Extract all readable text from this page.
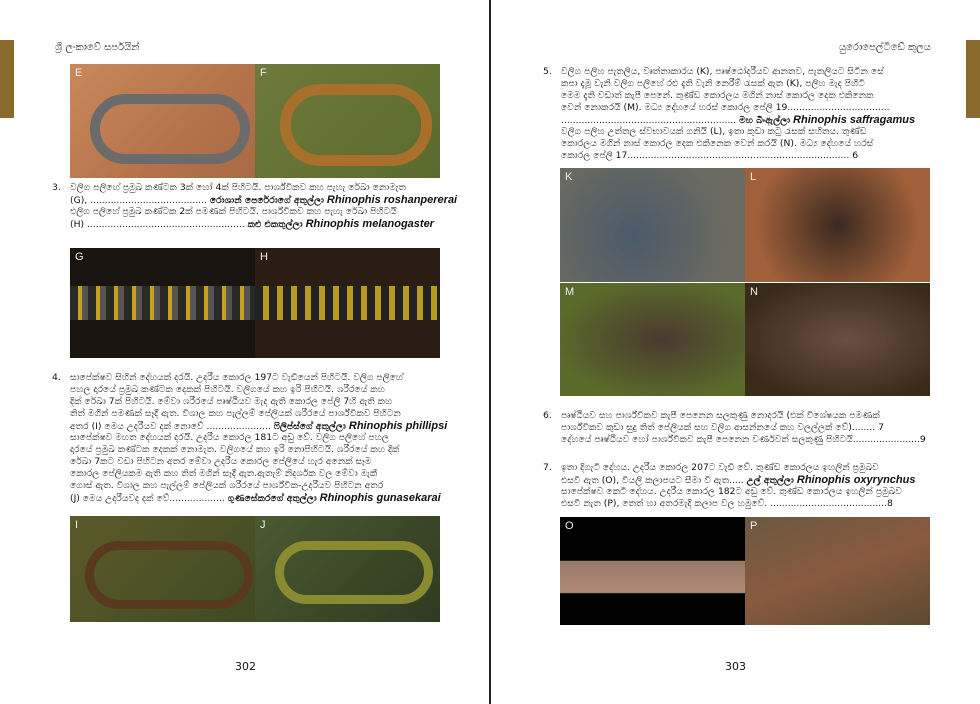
ශ්‍රී ලංකාවේ සර්පයින්
E	F
3. වලිග පලිහේ ප්‍රමුඛ කණ්ටක 3ක් හෝ 4ක් පිහිටයි. පාර්ශ්විකව කහ පැහැ රේඛා නොමැත
(G), ........................................ රොශාන් පෙරේරාගේ අතුල්ලා Rhinophis roshanpererai
එලිග පලිහේ ප්‍රමුඛ කණ්ටක 2ක් පමණක් පිහිටයි. පාර්ශ්විකව කහ පැහැ රේඛා පිහිටයි
(H) ...................................................... කළු එකතුල්ලා Rhinophis melanogaster
G	H
4. සාපේක්ෂව සිහින් දේහයක් දරයි. උදරීය කොරල 197ට වැඩියෙන් පිහිටයි. වලිග පලිහේ
පහල දාරයේ ප්‍රමුඛ කණ්ටක දෙකක් පිහිටයි. වලිගයේ කහ ඉරි පිහිටයි. ශරීරයේ කහ
දික් රේඛා 7ක් පිහිටයි. මේවා ශරීරයේ පෘෂ්ඨීයව මැද ඇති කොරල පේලි 7හි ඇති කහ
තිත් මගින් පමණක් සෑදී ඇත. විශාල කහ පැල්ලම් පේලියක් ශරීරයේ පාර්ශ්විකව පිහිටන
අතර (I) මෙය උදරීයව දක් නොවේ ...................... ෆිලිප්ස්ගේ අතුල්ලා Rhinophis phillipsi
සාපේක්ෂව මහත දේහයක් දරයි. උදරීය කොරල 181ට අඩු වේ. වලිග පලිහේ පහල
දාරයේ ප්‍රමුඛ කණ්ටක දෙකක් නොමැත. වලිගයේ කහ ඉරි නොපිහිටයි. ශරීරයේ කහ දික්
රේඛා 7කට වඩා පිහිටන අතර මේවා උදරීය කොරල පේලියේ හැර අනෙක් සෑම
කොරල පේලියකම ඇති කහ තිත් මගින් සෑදී ඇත.ඇතැම් නිදර්ශක වල මේවා මැකී
ගොස් ඇත. විශාල කහ පැල්ලම් පේලියක් ශරීරයේ පාර්ශ්වික-උදරීයව පිහිටන අතර
(J) මෙය උදරීයවද දක් වේ................... ගුණසේකරගේ අතුල්ලා Rhinophis gunasekarai
I	J
302
යුරොපෙල්ටිඩේ කුලය
5. වලිග පලිහ පැතලිය, වෘත්තාකාරය (K), පෘෂ්ඨෝදරීයව ආනතව, පැතලියට සිටින සේ
කපා දැමූ වැනි වලිග පලිහේ රළු දැති වැනි නෙරීම් රැසක් ඇත (K), පලිහ මැද පිහිටි
මෙම දැති වඩාත් කැපී පෙනේ. තුණ්ඩ කොරලය මගින් නාස් කොරල දෙක එකිනෙක
වෙන් නොකරයි (M). මධ්‍ය දේහයේ හරස් කොරල පේලි 19...................................
............................................................ මහ බිංඇල්ලා Rhinophis saffragamus
වලිග පලිහ උත්තල ස්වභාවයක් ගනියි (L), ඉතා කුඩා කටු රැසක් සහිතය. තුණ්ඩ
කොරලය මගින් නාස් කොරල දෙක එකිනෙක වෙන් කරයි (N). මධ්‍ය දේහයේ හරස්
කොරල පේලි 17............................................................................ 6
K	L
M	N
6. පෘෂ්ඨීයව සහ පාර්ශ්විකව කැපී පෙනෙන සලකුණු නොදරයි (එක් විශේෂයක පමණක්
පාර්ශ්විකව කුඩා සුදු තිත් පේලියක් සහ වලිග ආසන්නයේ කහ වලල්ලක් වේ)........ 7
දේහයේ පෘෂ්ඨීයව හෝ පාර්ශ්විකව කැපී පෙනෙන වර්ණවත් සලකුණු පිහිටයි.......................9
7. ඉතා දිගැටි දේහය. උදරීය කොරල 207ට වැඩි වේ. තුණ්ඩ කොරලය ඉහලින් ප්‍රමුඛව
එසවී ඇත (O), වියලි කලාපයට සීමා වී ඇත..... උල් අතුල්ලා Rhinophis oxyrynchus
සාපේක්ෂව කෙටි දේහය. උදරීය කොරල 182ට අඩු වේ. තුණ්ඩ කොරලය ඉහලින් ප්‍රමුඛව
එසවී නැත (P), තෙත් හා අතරමැදි කලාප වල හමුවේ. ........................................8
O	P
303
